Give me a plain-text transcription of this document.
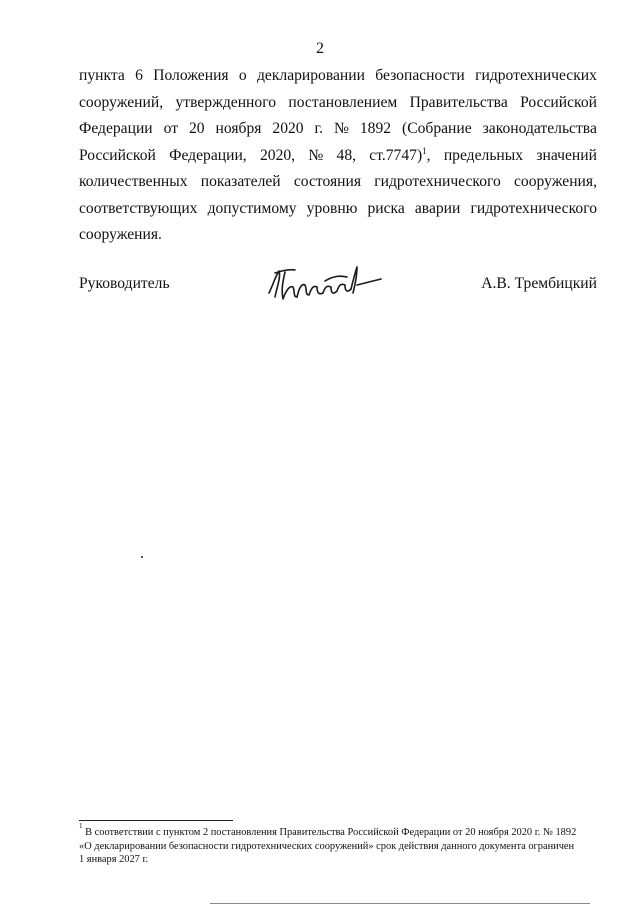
2
пункта 6 Положения о декларировании безопасности гидротехнических
сооружений, утвержденного постановлением Правительства Российской
Федерации от 20 ноября 2020 г. № 1892 (Собрание законодательства
Российской Федерации, 2020, № 48, ст.7747)$^1$, предельных значений
количественных показателей состояния гидротехнического сооружения,
соответствующих допустимому уровню риска аварии гидротехнического
сооружения.
Руководитель	А.В. Трембицкий
1

В соответствии с пунктом 2 постановления Правительства Российской Федерации от 20 ноября 2020 г. № 1892
«О декларировании безопасности гидротехнических сооружений» срок действия данного документа ограничен
1 января 2027 г.
